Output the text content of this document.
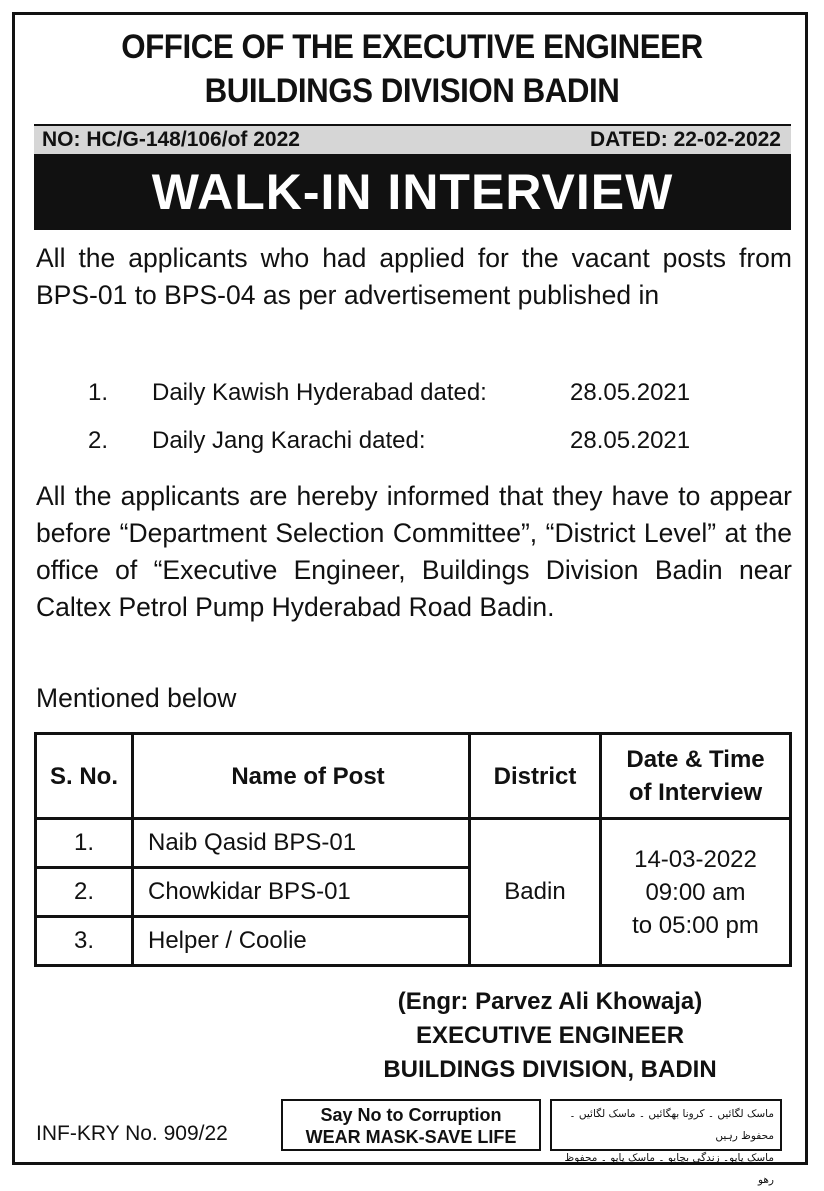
OFFICE OF THE EXECUTIVE ENGINEER
BUILDINGS DIVISION BADIN
NO: HC/G-148/106/of 2022	DATED: 22-02-2022
WALK-IN INTERVIEW
All the applicants who had applied for the vacant posts from BPS-01 to BPS-04 as per advertisement published in
1. Daily Kawish Hyderabad dated:	28.05.2021
2. Daily Jang Karachi dated:	28.05.2021
All the applicants are hereby informed that they have to appear before “Department Selection Committee”, “District Level” at the office of “Executive Engineer, Buildings Division Badin near Caltex Petrol Pump Hyderabad Road Badin.
Mentioned below
S. No.	Name of Post	District	Date & Time
of Interview

1.	Naib Qasid BPS-01	Badin	14-03-2022
09:00 am
to 05:00 pm

2.	Chowkidar BPS-01		
3.	Helper / Coolie		
(Engr: Parvez Ali Khowaja)
EXECUTIVE ENGINEER
BUILDINGS DIVISION, BADIN
INF-KRY No. 909/22
Say No to Corruption
WEAR MASK-SAVE LIFE
ماسک لگائیں ۔ کرونا بھگائیں ۔ ماسک لگائیں ۔ محفوظ رہیں
ماسک پاپو۔ زندگی بچایو ۔ ماسک پاپو ۔ محفوظ رھو
